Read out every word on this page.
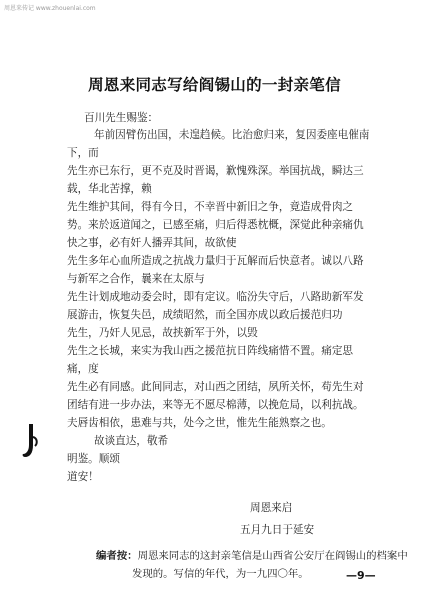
周恩来传记 www.zhouenlai.com
周恩来同志写给阎锡山的一封亲笔信
百川先生赐鉴：
年前因臂伤出国，未遑趋候。比治愈归来，复因委座电催南
下，而
先生亦已东行，更不克及时晋谒，歉愧殊深。举国抗战，瞬达三
载，华北苦撑，赖
先生维护其间，得有今日，不幸晋中新旧之争，竟造成骨肉之
势。来於返道闻之，已感至痛，归后得悉枕概，深觉此种亲痛仇
快之事，必有奸人播弄其间，故欲使
先生多年心血所造成之抗战力量归于瓦解而后快意者。诚以八路
与新军之合作，曩来在太原与
先生计划成地动委会时，即有定议。临汾失守后，八路助新军发
展游击，恢复失邑，成绩昭然，而全国亦成以政后援范归功
先生，乃奸人见忌，故挟新军于外，以毁
先生之长城，来实为我山西之援范抗日阵线痛惜不置。痛定思
痛，度
先生必有同感。此间同志，对山西之团结，夙所关怀，苟先生对
团结有进一步办法，来等无不愿尽棉薄，以挽危局，以利抗战。
夫唇齿相依，患难与共，处今之世，惟先生能熟察之也。
故谈直达，敬希
明鉴。顺颂
道安！
周恩来启
五月九日于延安
编者按：周恩来同志的这封亲笔信是山西省公安厅在阎锡山的档案中
发现的。写信的年代，为一九四〇年。	—9—
